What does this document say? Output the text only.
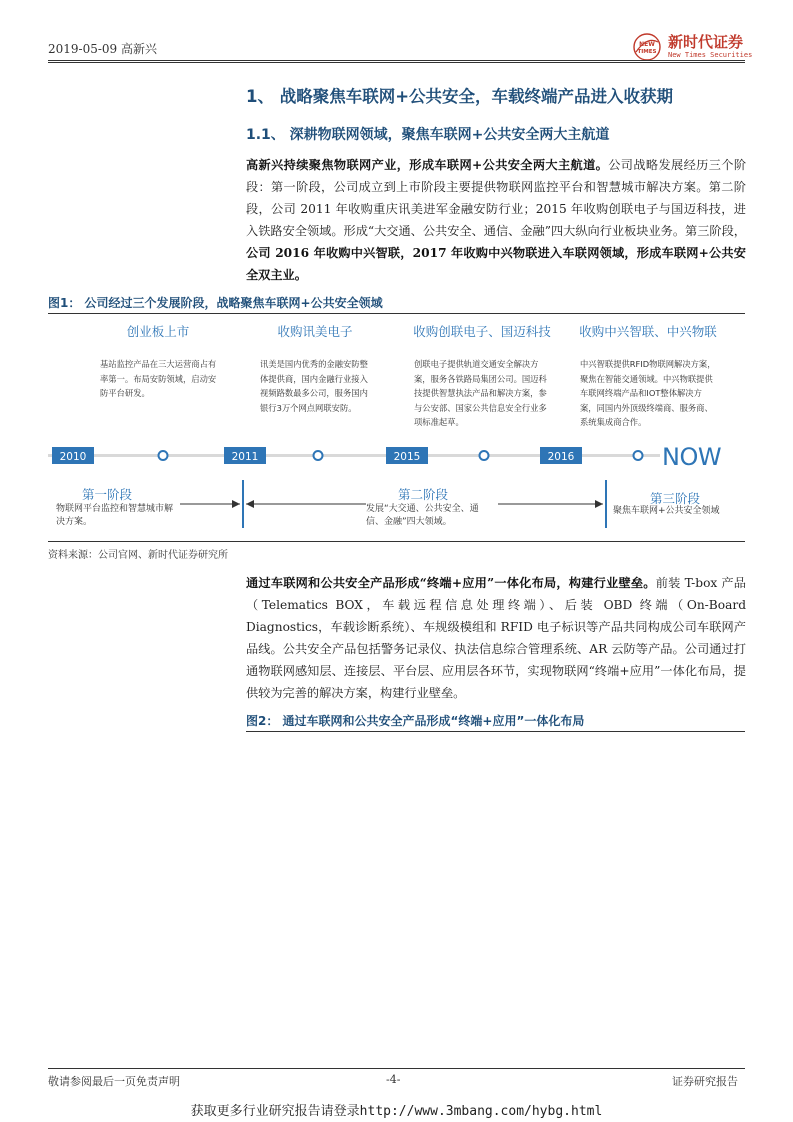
2019-05-09 高新兴	NEW
TIMES
新时代证券
New Times Securities
1、 战略聚焦车联网+公共安全，车载终端产品进入收获期
1.1、 深耕物联网领域，聚焦车联网+公共安全两大主航道
高新兴持续聚焦物联网产业，形成车联网+公共安全两大主航道。公司战略发展经历三个阶段：第一阶段，公司成立到上市阶段主要提供物联网监控平台和智慧城市解决方案。第二阶段，公司 2011 年收购重庆讯美进军金融安防行业；2015 年收购创联电子与国迈科技，进入铁路安全领域。形成“大交通、公共安全、通信、金融”四大纵向行业板块业务。第三阶段，公司 2016 年收购中兴智联，2017 年收购中兴物联进入车联网领域，形成车联网+公共安全双主业。
图1： 公司经过三个发展阶段，战略聚焦车联网+公共安全领域
创业板上市	收购讯美电子	收购创联电子、国迈科技	收购中兴智联、中兴物联
基站监控产品在三大运营商占有率第一。布局安防领域，启动安防平台研发。
讯美是国内优秀的金融安防整体提供商，国内金融行业接入视频路数最多公司，服务国内银行3万个网点网联安防。
创联电子提供轨道交通安全解决方案，服务各铁路局集团公司。国迈科技提供智慧执法产品和解决方案，参与公安部、国家公共信息安全行业多项标准起草。
中兴智联提供RFID物联网解决方案，聚焦在智能交通领域。中兴物联提供车联网终端产品和IOT整体解决方案，同国内外顶级终端商、服务商、系统集成商合作。
2010	2011	2015	2016	NOW
第一阶段
物联网平台监控和智慧城市解决方案。
第二阶段
发展“大交通、公共安全、通信、金融”四大领域。
第三阶段
聚焦车联网+公共安全领域
资料来源：公司官网、新时代证券研究所
通过车联网和公共安全产品形成“终端+应用”一体化布局，构建行业壁垒。前装 T-box 产品（Telematics BOX，车载远程信息处理终端）、后装 OBD 终端（On-Board Diagnostics，车载诊断系统）、车规级模组和 RFID 电子标识等产品共同构成公司车联网产品线。公共安全产品包括警务记录仪、执法信息综合管理系统、AR 云防等产品。公司通过打通物联网感知层、连接层、平台层、应用层各环节，实现物联网“终端+应用”一体化布局，提供较为完善的解决方案，构建行业壁垒。
图2： 通过车联网和公共安全产品形成“终端+应用”一体化布局
敬请参阅最后一页免责声明	-4-	证券研究报告
获取更多行业研究报告请登录http://www.3mbang.com/hybg.html
